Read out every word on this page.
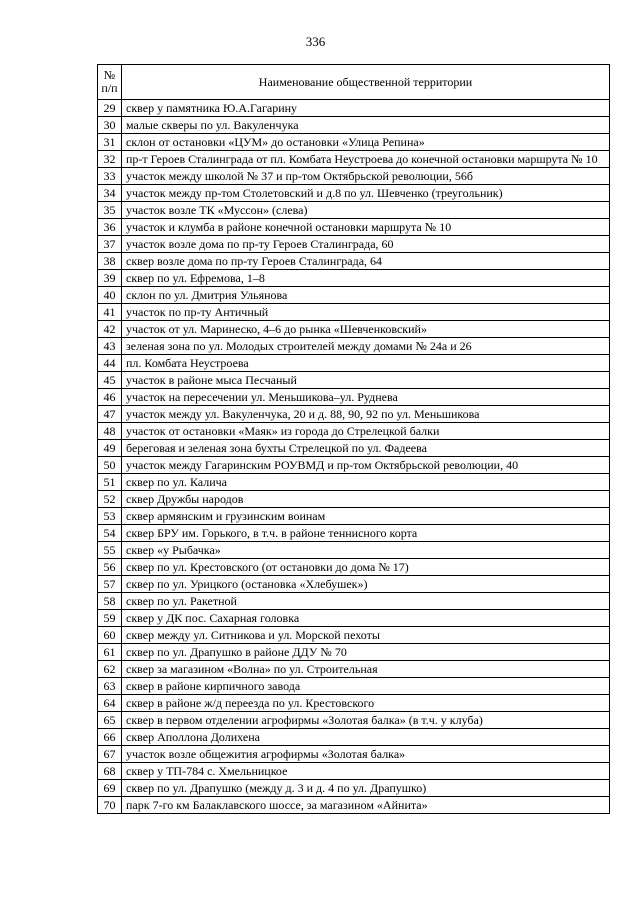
336
№
п/п	Наименование общественной территории
29	сквер у памятника Ю.А.Гагарину
30	малые скверы по ул. Вакуленчука
31	склон от остановки «ЦУМ» до остановки «Улица Репина»
32	пр-т Героев Сталинграда от пл. Комбата Неустроева до конечной остановки маршрута № 10
33	участок между школой № 37 и пр-том Октябрьской революции, 56б
34	участок между пр-том Столетовский и д.8 по ул. Шевченко (треугольник)
35	участок возле ТК «Муссон» (слева)
36	участок и клумба в районе конечной остановки маршрута № 10
37	участок возле дома по пр-ту Героев Сталинграда, 60
38	сквер возле дома по пр-ту Героев Сталинграда, 64
39	сквер по ул. Ефремова, 1–8
40	склон по ул. Дмитрия Ульянова
41	участок по пр-ту Античный
42	участок от ул. Маринеско, 4–6 до рынка «Шевченковский»
43	зеленая зона по ул. Молодых строителей между домами № 24а и 26
44	пл. Комбата Неустроева
45	участок в районе мыса Песчаный
46	участок на пересечении ул. Меньшикова–ул. Руднева
47	участок между ул. Вакуленчука, 20 и д. 88, 90, 92 по ул. Меньшикова
48	участок от остановки «Маяк» из города до Стрелецкой балки
49	береговая и зеленая зона бухты Стрелецкой по ул. Фадеева
50	участок между Гагаринским РОУВМД и пр-том Октябрьской революции, 40
51	сквер по ул. Калича
52	сквер Дружбы народов
53	сквер армянским и грузинским воинам
54	сквер БРУ им. Горького, в т.ч. в районе теннисного корта
55	сквер «у Рыбачка»
56	сквер по ул. Крестовского (от остановки до дома № 17)
57	сквер по ул. Урицкого (остановка «Хлебушек»)
58	сквер по ул. Ракетной
59	сквер у ДК пос. Сахарная головка
60	сквер между ул. Ситникова и ул. Морской пехоты
61	сквер по ул. Драпушко в районе ДДУ № 70
62	сквер за магазином «Волна» по ул. Строительная
63	сквер в районе кирпичного завода
64	сквер в районе ж/д переезда по ул. Крестовского
65	сквер в первом отделении агрофирмы «Золотая балка» (в т.ч. у клуба)
66	сквер Аполлона Долихена
67	участок возле общежития агрофирмы «Золотая балка»
68	сквер у ТП-784 с. Хмельницкое
69	сквер по ул. Драпушко (между д. 3 и д. 4 по ул. Драпушко)
70	парк 7-го км Балаклавского шоссе, за магазином «Айнита»
